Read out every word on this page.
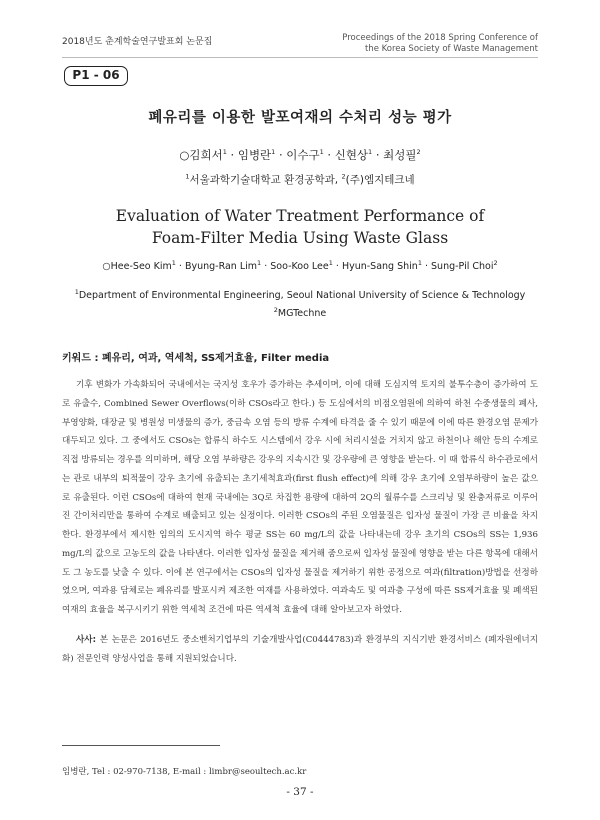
2018년도 춘계학술연구발표회 논문집	Proceedings of the 2018 Spring Conference of
the Korea Society of Waste Management
P1 - 06
폐유리를 이용한 발포여재의 수처리 성능 평가
○김희서$^1$ · 임병란$^1$ · 이수구$^1$ · 신현상$^1$ · 최성필$^2$
$^1$서울과학기술대학교 환경공학과, $^2$(주)엠지테크네
Evaluation of Water Treatment Performance of
Foam-Filter Media Using Waste Glass
○Hee-Seo Kim$^1$ · Byung-Ran Lim$^1$ · Soo-Koo Lee$^1$ · Hyun-Sang Shin$^1$ · Sung-Pil Choi$^2$
$^1$Department of Environmental Engineering, Seoul National University of Science & Technology
$^2$MGTechne
키워드 : 폐유리, 여과, 역세척, SS제거효율, Filter media

기후 변화가 가속화되어 국내에서는 국지성 호우가 증가하는 추세이며, 이에 대해 도심지역 토지의 불투수층이 증가하여 도로 유출수, Combined Sewer Overflows(이하 CSOs라고 한다.) 등 도심에서의 비점오염원에 의하여 하천 수중생물의 폐사, 부영양화, 대장균 및 병원성 미생물의 증가, 중금속 오염 등의 방류 수계에 타격을 줄 수 있기 때문에 이에 따른 환경오염 문제가 대두되고 있다. 그 중에서도 CSOs는 합류식 하수도 시스템에서 강우 시에 처리시설을 거치지 않고 하천이나 해안 등의 수계로 직접 방류되는 경우를 의미하며, 해당 오염 부하량은 강우의 지속시간 및 강우량에 큰 영향을 받는다. 이 때 합류식 하수관로에서는 관로 내부의 퇴적물이 강우 초기에 유출되는 초기세척효과(first flush effect)에 의해 강우 초기에 오염부하량이 높은 값으로 유출된다. 이런 CSOs에 대하여 현재 국내에는 3Q로 차집한 용량에 대하여 2Q의 월류수를 스크리닝 및 완충저류로 이루어진 간이처리만을 통하여 수계로 배출되고 있는 실정이다. 이러한 CSOs의 주된 오염물질은 입자성 물질이 가장 큰 비율을 차지한다. 환경부에서 제시한 임의의 도시지역 하수 평균 SS는 60 mg/L의 값을 나타내는데 강우 초기의 CSOs의 SS는 1,936 mg/L의 값으로 고농도의 값을 나타낸다. 이러한 입자성 물질을 제거해 줌으로써 입자성 물질에 영향을 받는 다른 항목에 대해서도 그 농도를 낮출 수 있다. 이에 본 연구에서는 CSOs의 입자성 물질을 제거하기 위한 공정으로 여과(filtration)방법을 선정하였으며, 여과용 담체로는 폐유리를 발포시켜 제조한 여재를 사용하였다. 여과속도 및 여과층 구성에 따른 SS제거효율 및 폐색된 여재의 효율을 복구시키기 위한 역세척 조건에 따른 역세척 효율에 대해 알아보고자 하였다.

사사: 본 논문은 2016년도 중소벤처기업부의 기술개발사업(C0444783)과 환경부의 지식기반 환경서비스 (폐자원에너지화) 전문인력 양성사업을 통해 지원되었습니다.

임병란, Tel : 02-970-7138, E-mail : limbr@seoultech.ac.kr
- 37 -
